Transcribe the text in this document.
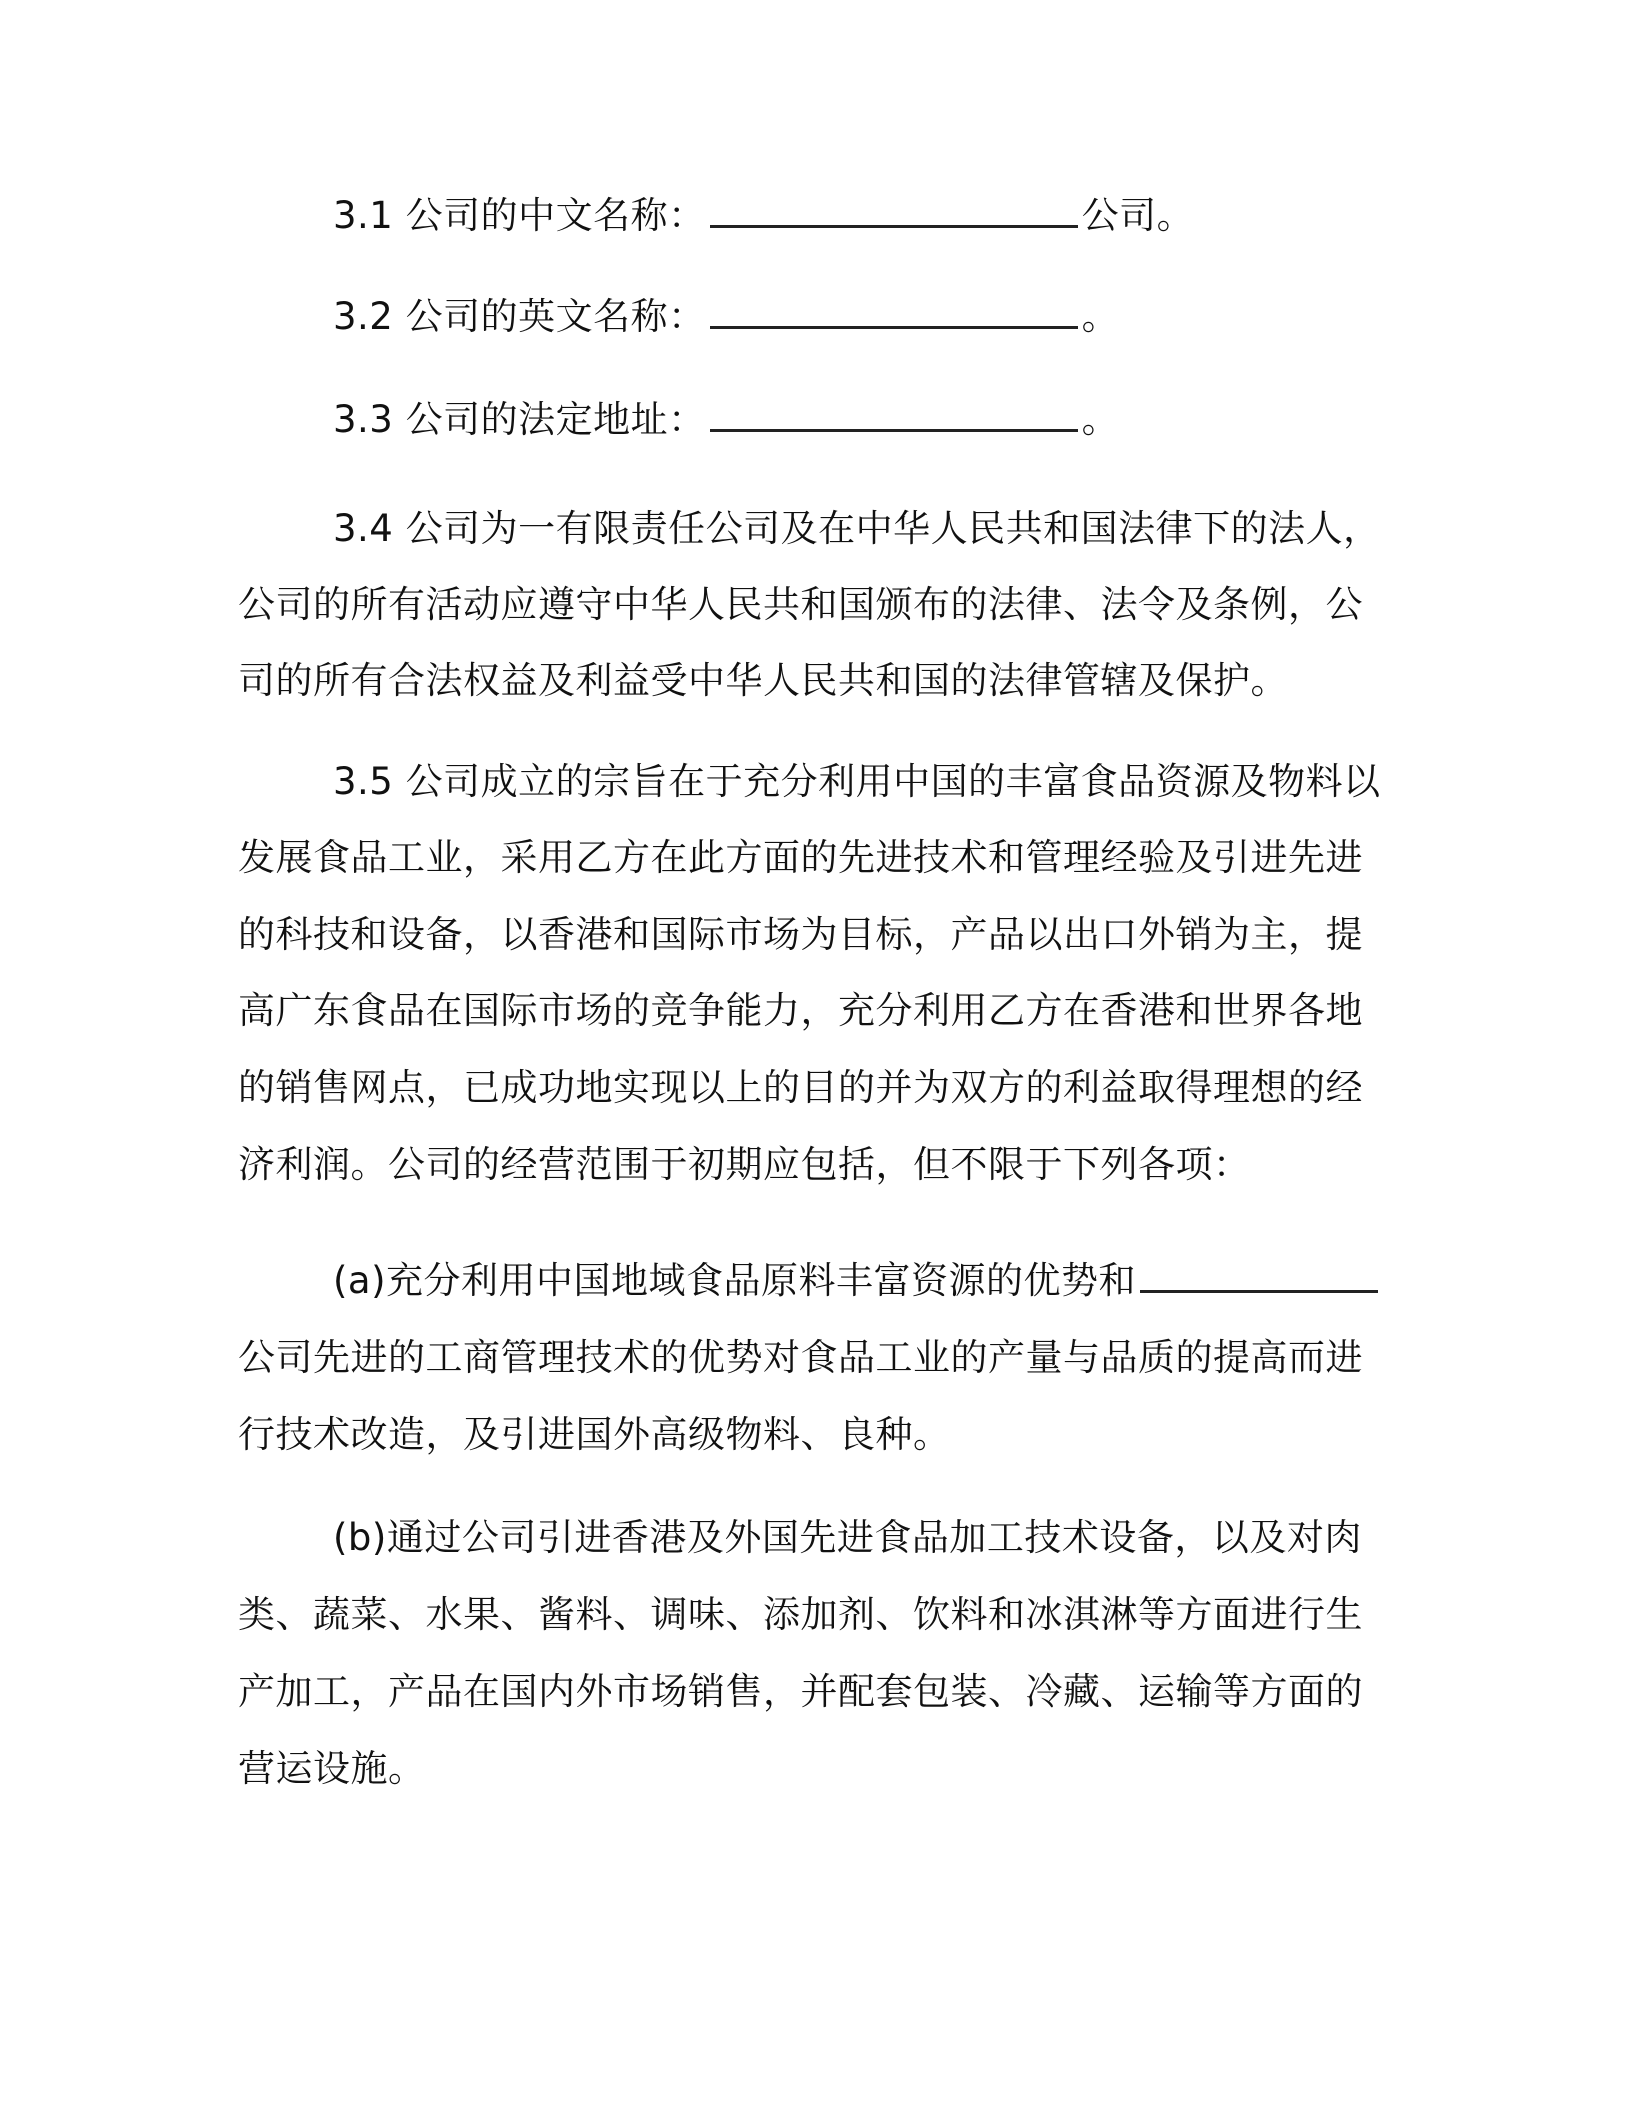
3.1 公司的中文名称：	公司。
3.2 公司的英文名称：	。
3.3 公司的法定地址：	。
3.4 公司为一有限责任公司及在中华人民共和国法律下的法人，
公司的所有活动应遵守中华人民共和国颁布的法律、法令及条例，公
司的所有合法权益及利益受中华人民共和国的法律管辖及保护。
3.5 公司成立的宗旨在于充分利用中国的丰富食品资源及物料以
发展食品工业，采用乙方在此方面的先进技术和管理经验及引进先进
的科技和设备，以香港和国际市场为目标，产品以出口外销为主，提
高广东食品在国际市场的竞争能力，充分利用乙方在香港和世界各地
的销售网点，已成功地实现以上的目的并为双方的利益取得理想的经
济利润。公司的经营范围于初期应包括，但不限于下列各项：
(a)充分利用中国地域食品原料丰富资源的优势和
公司先进的工商管理技术的优势对食品工业的产量与品质的提高而进
行技术改造，及引进国外高级物料、良种。
(b)通过公司引进香港及外国先进食品加工技术设备，以及对肉
类、蔬菜、水果、酱料、调味、添加剂、饮料和冰淇淋等方面进行生
产加工，产品在国内外市场销售，并配套包装、冷藏、运输等方面的
营运设施。
